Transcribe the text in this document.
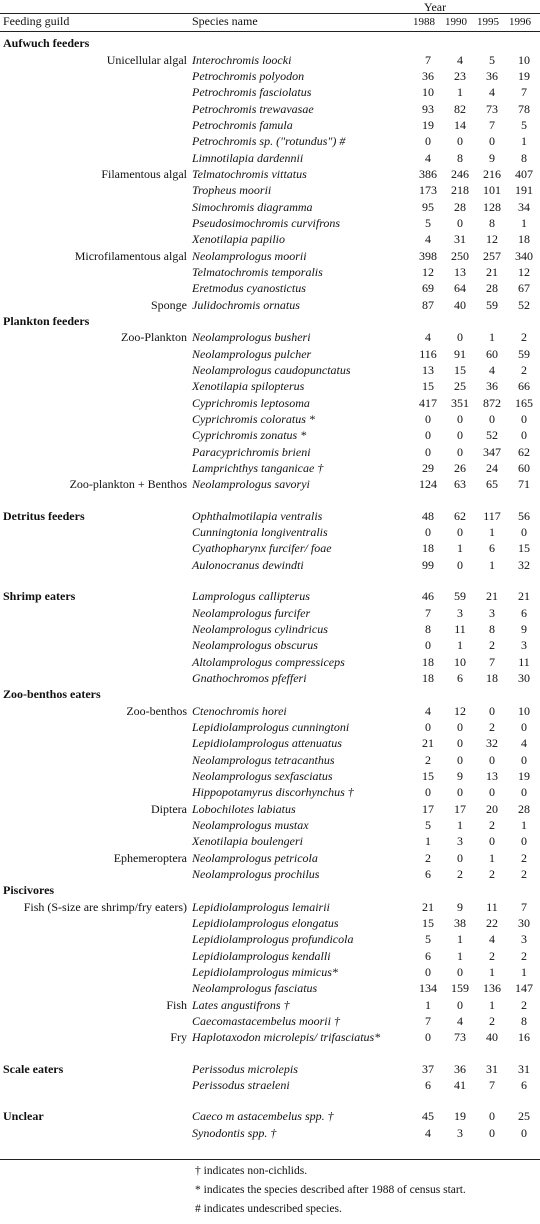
Year
Feeding guild	Species name	1988 1990 1995 1996
Aufwuch feeders					
Unicellular algal	Interochromis loocki	7	4	5	10
	Petrochromis polyodon	36	23	36	19
	Petrochromis fasciolatus	10	1	4	7
	Petrochromis trewavasae	93	82	73	78
	Petrochromis famula	19	14	7	5
	Petrochromis sp. ("rotundus") #	0	0	0	1
	Limnotilapia dardennii	4	8	9	8
Filamentous algal	Telmatochromis vittatus	386	246	216	407
	Tropheus moorii	173	218	101	191
	Simochromis diagramma	95	28	128	34
	Pseudosimochromis curvifrons	5	0	8	1
	Xenotilapia papilio	4	31	12	18
Microfilamentous algal	Neolamprologus moorii	398	250	257	340
	Telmatochromis temporalis	12	13	21	12
	Eretmodus cyanostictus	69	64	28	67
Sponge	Julidochromis ornatus	87	40	59	52
Plankton feeders					
Zoo-Plankton	Neolamprologus busheri	4	0	1	2
	Neolamprologus pulcher	116	91	60	59
	Neolamprologus caudopunctatus	13	15	4	2
	Xenotilapia spilopterus	15	25	36	66
	Cyprichromis leptosoma	417	351	872	165
	Cyprichromis coloratus *	0	0	0	0
	Cyprichromis zonatus *	0	0	52	0
	Paracyprichromis brieni	0	0	347	62
	Lamprichthys tanganicae †	29	26	24	60
Zoo-plankton + Benthos	Neolamprologus savoryi	124	63	65	71

Detritus feeders	Ophthalmotilapia ventralis	48	62	117	56
	Cunningtonia longiventralis	0	0	1	0
	Cyathopharynx furcifer/ foae	18	1	6	15
	Aulonocranus dewindti	99	0	1	32

Shrimp eaters	Lamprologus callipterus	46	59	21	21
	Neolamprologus furcifer	7	3	3	6
	Neolamprologus cylindricus	8	11	8	9
	Neolamprologus obscurus	0	1	2	3
	Altolamprologus compressiceps	18	10	7	11
	Gnathochromos pfefferi	18	6	18	30
Zoo-benthos eaters					
Zoo-benthos	Ctenochromis horei	4	12	0	10
	Lepidiolamprologus cunningtoni	0	0	2	0
	Lepidiolamprologus attenuatus	21	0	32	4
	Neolamprologus tetracanthus	2	0	0	0
	Neolamprologus sexfasciatus	15	9	13	19
	Hippopotamyrus discorhynchus †	0	0	0	0
Diptera	Lobochilotes labiatus	17	17	20	28
	Neolamprologus mustax	5	1	2	1
	Xenotilapia boulengeri	1	3	0	0
Ephemeroptera	Neolamprologus petricola	2	0	1	2
	Neolamprologus prochilus	6	2	2	2
Piscivores					
Fish (S-size are shrimp/fry eaters)	Lepidiolamprologus lemairii	21	9	11	7
	Lepidiolamprologus elongatus	15	38	22	30
	Lepidiolamprologus profundicola	5	1	4	3
	Lepidiolamprologus kendalli	6	1	2	2
	Lepidiolamprologus mimicus*	0	0	1	1
	Neolamprologus fasciatus	134	159	136	147
Fish	Lates angustifrons †	1	0	1	2
	Caecomastacembelus moorii †	7	4	2	8
Fry	Haplotaxodon microlepis/ trifasciatus*	0	73	40	16

Scale eaters	Perissodus microlepis	37	36	31	31
	Perissodus straeleni	6	41	7	6

Unclear	Caeco m astacembelus spp. †	45	19	0	25
	Synodontis spp. †	4	3	0	0
† indicates non-cichlids.
* indicates the species described after 1988 of census start.
# indicates undescribed species.
